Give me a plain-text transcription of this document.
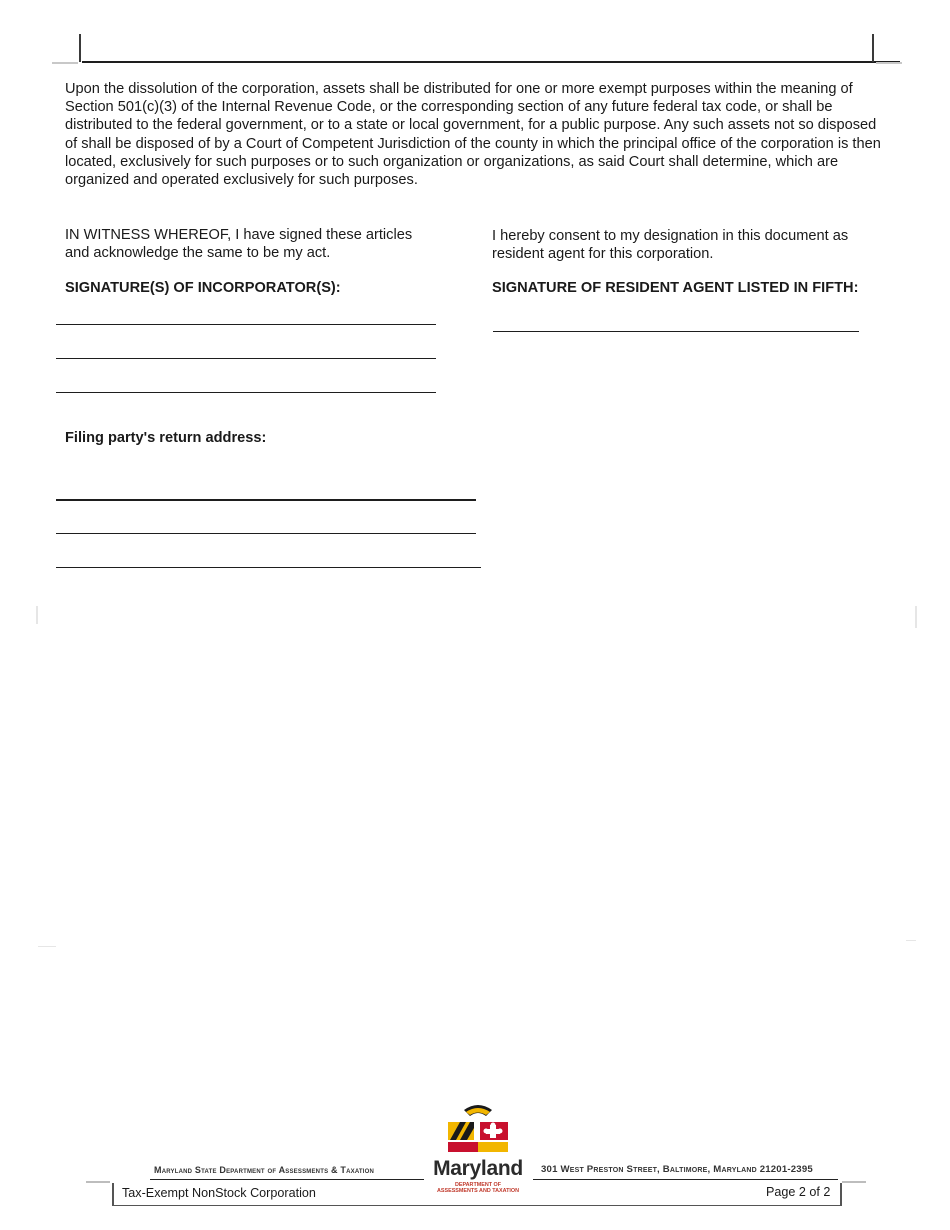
Upon the dissolution of the corporation, assets shall be distributed for one or more exempt purposes within the meaning of Section 501(c)(3) of the Internal Revenue Code, or the corresponding section of any future federal tax code, or shall be distributed to the federal government, or to a state or local government, for a public purpose. Any such assets not so disposed of shall be disposed of by a Court of Competent Jurisdiction of the county in which the principal office of the corporation is then located, exclusively for such purposes or to such organization or organizations, as said Court shall determine, which are organized and operated exclusively for such purposes.
IN WITNESS WHEREOF, I have signed these articles
and acknowledge the same to be my act.
I hereby consent to my designation in this document as
resident agent for this corporation.
SIGNATURE(S) OF INCORPORATOR(S):	SIGNATURE OF RESIDENT AGENT LISTED IN FIFTH:
Filing party's return address:
Maryland State Department of Assessments & Taxation	301 West Preston Street, Baltimore, Maryland 21201-2395
Maryland
DEPARTMENT OF
ASSESSMENTS AND TAXATION
Tax-Exempt NonStock Corporation	Page 2 of 2
